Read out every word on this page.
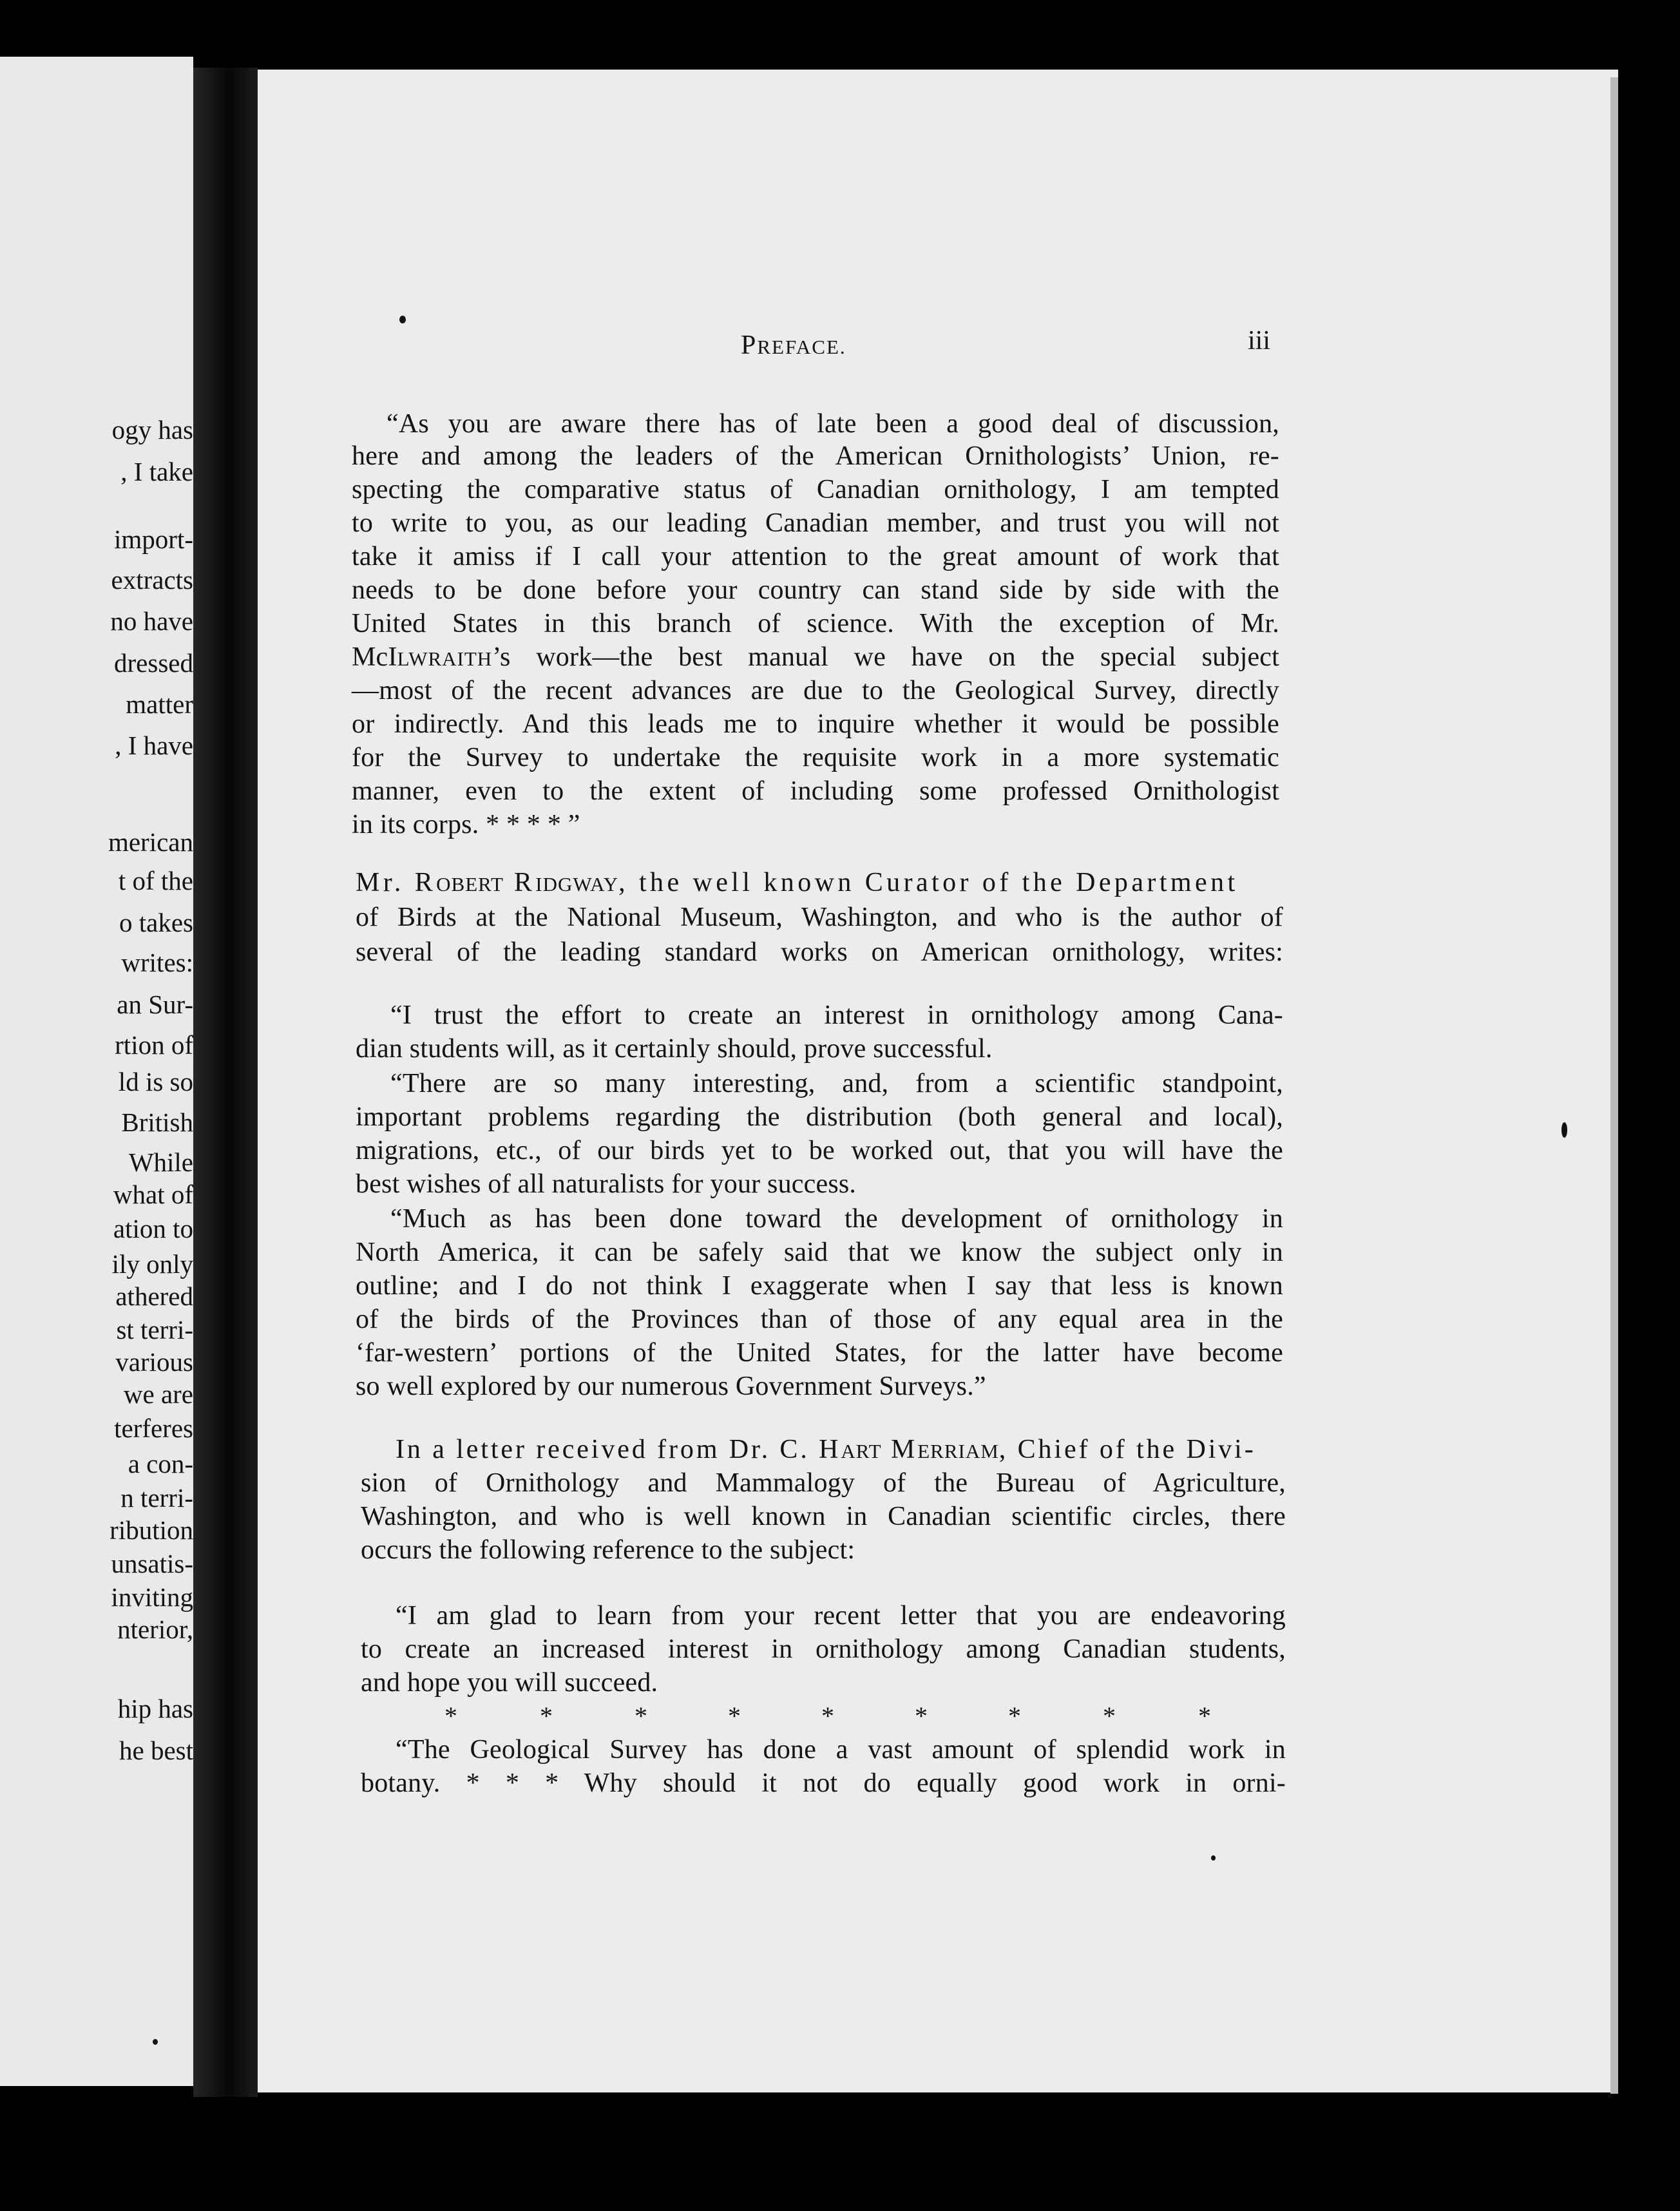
ogy has
, I take
import-
extracts
no have
dressed
matter
, I have
merican
t of the
o takes
writes:
an Sur-
rtion of
ld is so
British
While
what of
ation to
ily only
athered
st terri-
various
we are
terferes
a con-
n terri-
ribution
unsatis-
inviting
nterior,
hip has
he best
PREFACE.	iii
“As you are aware there has of late been a good deal of discussion,
here and among the leaders of the American Ornithologists’ Union, re-
specting the comparative status of Canadian ornithology, I am tempted
to write to you, as our leading Canadian member, and trust you will not
take it amiss if I call your attention to the great amount of work that
needs to be done before your country can stand side by side with the
United States in this branch of science. With the exception of Mr.
McILWRAITH’s work—the best manual we have on the special subject
—most of the recent advances are due to the Geological Survey, directly
or indirectly. And this leads me to inquire whether it would be possible
for the Survey to undertake the requisite work in a more systematic
manner, even to the extent of including some professed Ornithologist
in its corps. * * * * ”
Mr. ROBERT RIDGWAY, the well known Curator of the Department
of Birds at the National Museum, Washington, and who is the author of
several of the leading standard works on American ornithology, writes:
“I trust the effort to create an interest in ornithology among Cana-
dian students will, as it certainly should, prove successful.
“There are so many interesting, and, from a scientific standpoint,
important problems regarding the distribution (both general and local),
migrations, etc., of our birds yet to be worked out, that you will have the
best wishes of all naturalists for your success.
“Much as has been done toward the development of ornithology in
North America, it can be safely said that we know the subject only in
outline; and I do not think I exaggerate when I say that less is known
of the birds of the Provinces than of those of any equal area in the
‘far-western’ portions of the United States, for the latter have become
so well explored by our numerous Government Surveys.”
In a letter received from Dr. C. HART MERRIAM, Chief of the Divi-
sion of Ornithology and Mammalogy of the Bureau of Agriculture,
Washington, and who is well known in Canadian scientific circles, there
occurs the following reference to the subject:
“I am glad to learn from your recent letter that you are endeavoring
to create an increased interest in ornithology among Canadian students,
and hope you will succeed.
“The Geological Survey has done a vast amount of splendid work in
botany. * * * Why should it not do equally good work in orni-
*	*	*	*	*	*	*	*	*
